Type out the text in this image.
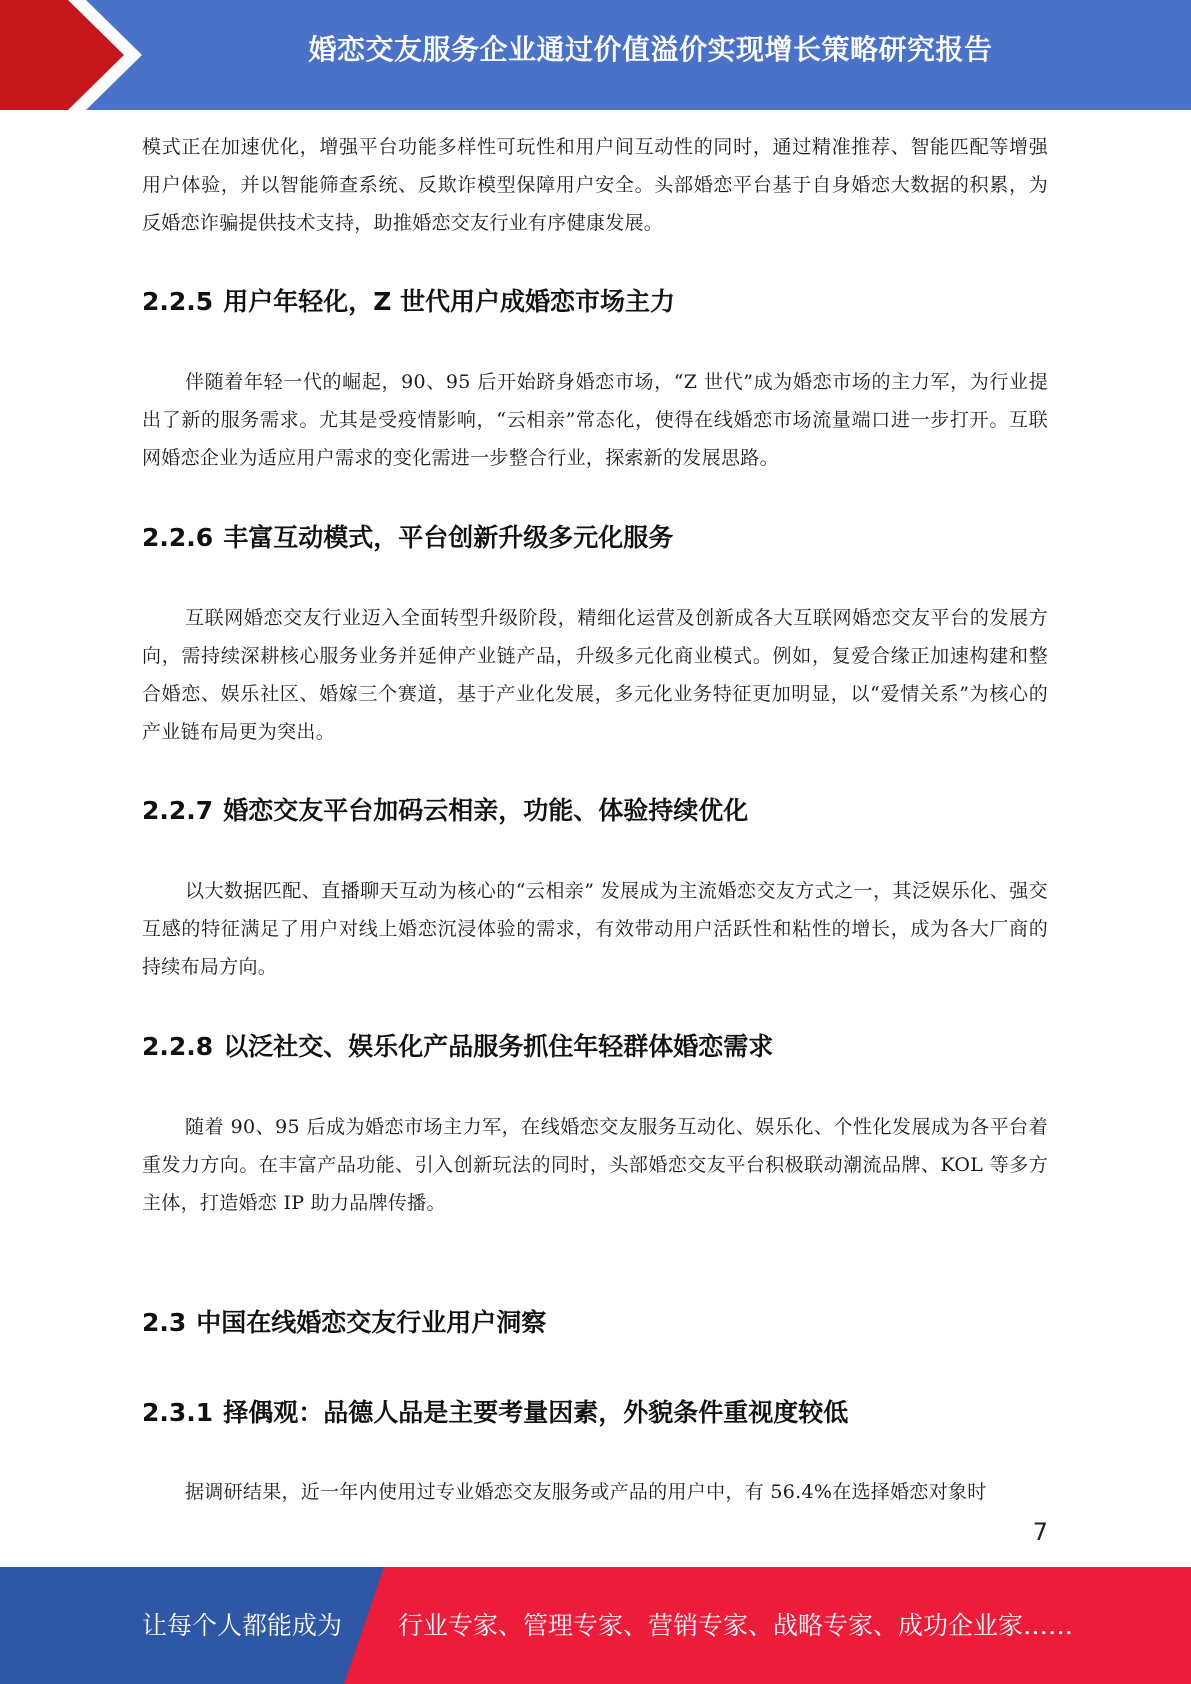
婚恋交友服务企业通过价值溢价实现增长策略研究报告

模式正在加速优化，增强平台功能多样性可玩性和用户间互动性的同时，通过精准推荐、智能匹配等增强用户体验，并以智能筛查系统、反欺诈模型保障用户安全。头部婚恋平台基于自身婚恋大数据的积累，为反婚恋诈骗提供技术支持，助推婚恋交友行业有序健康发展。

2.2.5 用户年轻化，Z 世代用户成婚恋市场主力

伴随着年轻一代的崛起，90、95 后开始跻身婚恋市场，“Z 世代”成为婚恋市场的主力军，为行业提出了新的服务需求。尤其是受疫情影响，“云相亲”常态化，使得在线婚恋市场流量端口进一步打开。互联网婚恋企业为适应用户需求的变化需进一步整合行业，探索新的发展思路。

2.2.6 丰富互动模式，平台创新升级多元化服务

互联网婚恋交友行业迈入全面转型升级阶段，精细化运营及创新成各大互联网婚恋交友平台的发展方向，需持续深耕核心服务业务并延伸产业链产品，升级多元化商业模式。例如，复爱合缘正加速构建和整合婚恋、娱乐社区、婚嫁三个赛道，基于产业化发展，多元化业务特征更加明显，以“爱情关系”为核心的产业链布局更为突出。

2.2.7 婚恋交友平台加码云相亲，功能、体验持续优化

以大数据匹配、直播聊天互动为核心的“云相亲” 发展成为主流婚恋交友方式之一，其泛娱乐化、强交互感的特征满足了用户对线上婚恋沉浸体验的需求，有效带动用户活跃性和粘性的增长，成为各大厂商的持续布局方向。

2.2.8 以泛社交、娱乐化产品服务抓住年轻群体婚恋需求

随着 90、95 后成为婚恋市场主力军，在线婚恋交友服务互动化、娱乐化、个性化发展成为各平台着重发力方向。在丰富产品功能、引入创新玩法的同时，头部婚恋交友平台积极联动潮流品牌、KOL 等多方主体，打造婚恋 IP 助力品牌传播。

2.3 中国在线婚恋交友行业用户洞察
2.3.1 择偶观：品德人品是主要考量因素，外貌条件重视度较低

据调研结果，近一年内使用过专业婚恋交友服务或产品的用户中，有 56.4%在选择婚恋对象时

7
让每个人都能成为 行业专家、管理专家、营销专家、战略专家、成功企业家……
